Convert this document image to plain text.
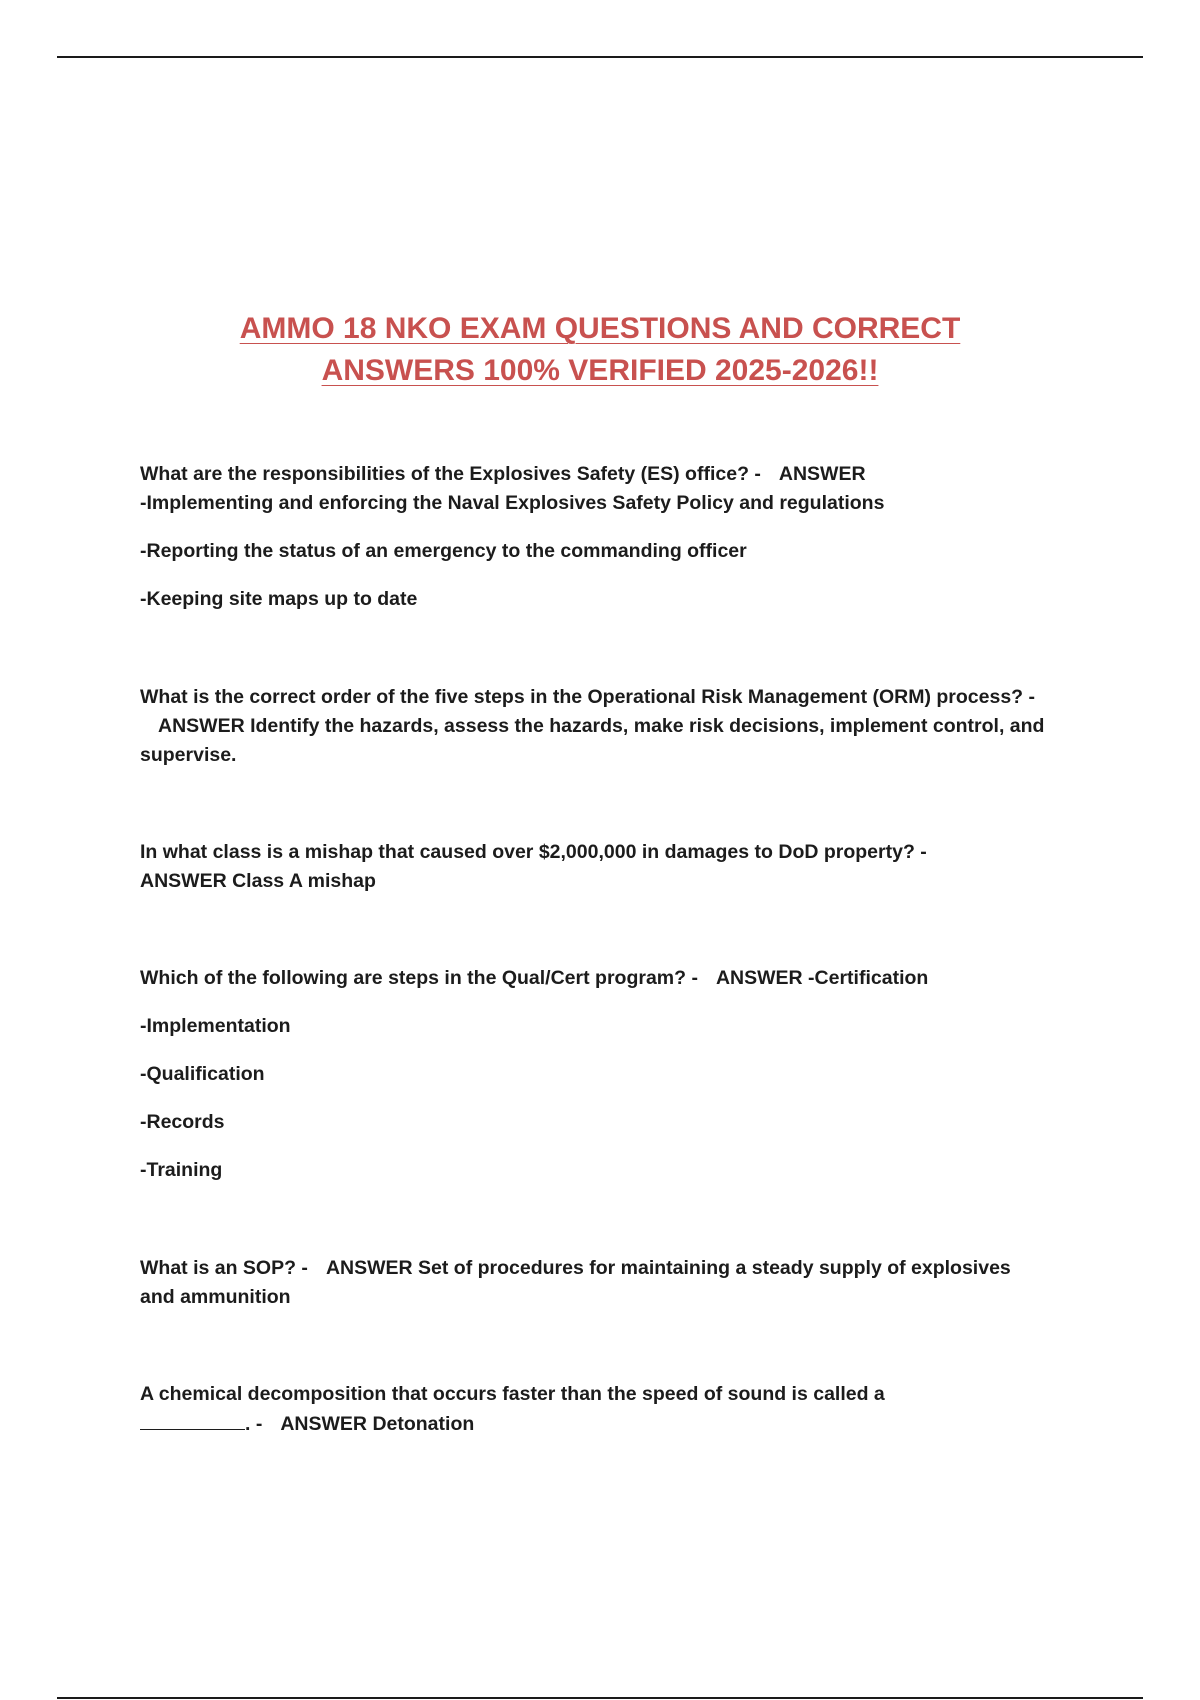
AMMO 18 NKO EXAM QUESTIONS AND CORRECT
ANSWERS 100% VERIFIED 2025-2026!!

What are the responsibilities of the Explosives Safety (ES) office? - ANSWER
-Implementing and enforcing the Naval Explosives Safety Policy and regulations

-Reporting the status of an emergency to the commanding officer

-Keeping site maps up to date

What is the correct order of the five steps in the Operational Risk Management (ORM) process? -ANSWER Identify the hazards, assess the hazards, make risk decisions, implement control, and supervise.

In what class is a mishap that caused over $2,000,000 in damages to DoD property? -
ANSWER Class A mishap

Which of the following are steps in the Qual/Cert program? - ANSWER -Certification

-Implementation

-Qualification

-Records

-Training

What is an SOP? - ANSWER Set of procedures for maintaining a steady supply of explosives and ammunition

A chemical decomposition that occurs faster than the speed of sound is called a
. - ANSWER Detonation
